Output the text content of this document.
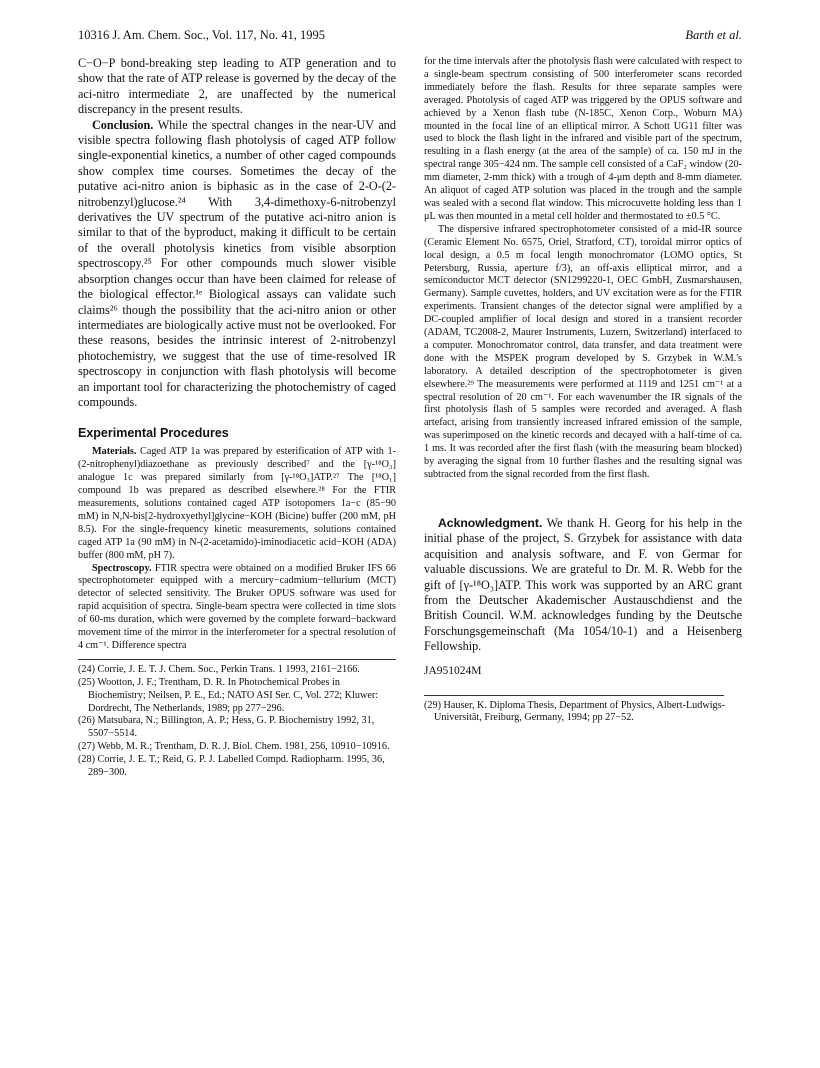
10316 J. Am. Chem. Soc., Vol. 117, No. 41, 1995	Barth et al.

C−O−P bond-breaking step leading to ATP generation and to show that the rate of ATP release is governed by the decay of the aci-nitro intermediate 2, are unaffected by the numerical discrepancy in the present results.

Conclusion. While the spectral changes in the near-UV and visible spectra following flash photolysis of caged ATP follow single-exponential kinetics, a number of other caged compounds show complex time courses. Sometimes the decay of the putative aci-nitro anion is biphasic as in the case of 2-O-(2-nitrobenzyl)glucose.²⁴ With 3,4-dimethoxy-6-nitrobenzyl derivatives the UV spectrum of the putative aci-nitro anion is similar to that of the byproduct, making it difficult to be certain of the overall photolysis kinetics from visible absorption spectroscopy.²⁵ For other compounds much slower visible absorption changes occur than have been claimed for release of the biological effector.¹ᵉ Biological assays can validate such claims²⁶ though the possibility that the aci-nitro anion or other intermediates are biologically active must not be overlooked. For these reasons, besides the intrinsic interest of 2-nitrobenzyl photochemistry, we suggest that the use of time-resolved IR spectroscopy in conjunction with flash photolysis will become an important tool for characterizing the photochemistry of caged compounds.

Experimental Procedures

Materials. Caged ATP 1a was prepared by esterification of ATP with 1-(2-nitrophenyl)diazoethane as previously described⁷ and the [γ-¹⁸O₃] analogue 1c was prepared similarly from [γ-¹⁸O₃]ATP.²⁷ The [¹⁸O₁] compound 1b was prepared as described elsewhere.²⁸ For the FTIR measurements, solutions contained caged ATP isotopomers 1a−c (85−90 mM) in N,N-bis[2-hydroxyethyl]glycine−KOH (Bicine) buffer (200 mM, pH 8.5). For the single-frequency kinetic measurements, solutions contained caged ATP 1a (90 mM) in N-(2-acetamido)-iminodiacetic acid−KOH (ADA) buffer (800 mM, pH 7).

Spectroscopy. FTIR spectra were obtained on a modified Bruker IFS 66 spectrophotometer equipped with a mercury−cadmium−tellurium (MCT) detector of selected sensitivity. The Bruker OPUS software was used for rapid acquisition of spectra. Single-beam spectra were collected in time slots of 60-ms duration, which were governed by the complete forward−backward movement time of the mirror in the interferometer for a spectral resolution of 4 cm⁻¹. Difference spectra

(24) Corrie, J. E. T. J. Chem. Soc., Perkin Trans. 1 1993, 2161−2166.

(25) Wootton, J. F.; Trentham, D. R. In Photochemical Probes in Biochemistry; Neilsen, P. E., Ed.; NATO ASI Ser. C, Vol. 272; Kluwer: Dordrecht, The Netherlands, 1989; pp 277−296.

(26) Matsubara, N.; Billington, A. P.; Hess, G. P. Biochemistry 1992, 31, 5507−5514.

(27) Webb, M. R.; Trentham, D. R. J. Biol. Chem. 1981, 256, 10910−10916.

(28) Corrie, J. E. T.; Reid, G. P. J. Labelled Compd. Radiopharm. 1995, 36, 289−300.

for the time intervals after the photolysis flash were calculated with respect to a single-beam spectrum consisting of 500 interferometer scans recorded immediately before the flash. Results for three separate samples were averaged. Photolysis of caged ATP was triggered by the OPUS software and achieved by a Xenon flash tube (N-185C, Xenon Corp., Woburn MA) mounted in the focal line of an elliptical mirror. A Schott UG11 filter was used to block the flash light in the infrared and visible part of the spectrum, resulting in a flash energy (at the area of the sample) of ca. 150 mJ in the spectral range 305−424 nm. The sample cell consisted of a CaF₂ window (20-mm diameter, 2-mm thick) with a trough of 4-μm depth and 8-mm diameter. An aliquot of caged ATP solution was placed in the trough and the sample was sealed with a second flat window. This microcuvette holding less than 1 μL was then mounted in a metal cell holder and thermostated to ±0.5 °C.

The dispersive infrared spectrophotometer consisted of a mid-IR source (Ceramic Element No. 6575, Oriel, Stratford, CT), toroidal mirror optics of local design, a 0.5 m focal length monochromator (LOMO optics, St Petersburg, Russia, aperture f/3), an off-axis elliptical mirror, and a semiconductor MCT detector (SN1299220-1, OEC GmbH, Zusmarshausen, Germany). Sample cuvettes, holders, and UV excitation were as for the FTIR experiments. Transient changes of the detector signal were amplified by a DC-coupled amplifier of local design and stored in a transient recorder (ADAM, TC2008-2, Maurer Instruments, Luzern, Switzerland) interfaced to a computer. Monochromator control, data transfer, and data treatment were done with the MSPEK program developed by S. Grzybek in W.M.'s laboratory. A detailed description of the spectrophotometer is given elsewhere.²⁹ The measurements were performed at 1119 and 1251 cm⁻¹ at a spectral resolution of 20 cm⁻¹. For each wavenumber the IR signals of the first photolysis flash of 5 samples were recorded and averaged. A flash artefact, arising from transiently increased infrared emission of the sample, was superimposed on the kinetic records and decayed with a half-time of ca. 1 ms. It was recorded after the first flash (with the measuring beam blocked) by averaging the signal from 10 further flashes and the resulting signal was subtracted from the signal recorded from the first flash.

Acknowledgment. We thank H. Georg for his help in the initial phase of the project, S. Grzybek for assistance with data acquisition and analysis software, and F. von Germar for valuable discussions. We are grateful to Dr. M. R. Webb for the gift of [γ-¹⁸O₃]ATP. This work was supported by an ARC grant from the Deutscher Akademischer Austauschdienst and the British Council. W.M. acknowledges funding by the Deutsche Forschungsgemeinschaft (Ma 1054/10-1) and a Heisenberg Fellowship.

JA951024M

(29) Hauser, K. Diploma Thesis, Department of Physics, Albert-Ludwigs-Universität, Freiburg, Germany, 1994; pp 27−52.
